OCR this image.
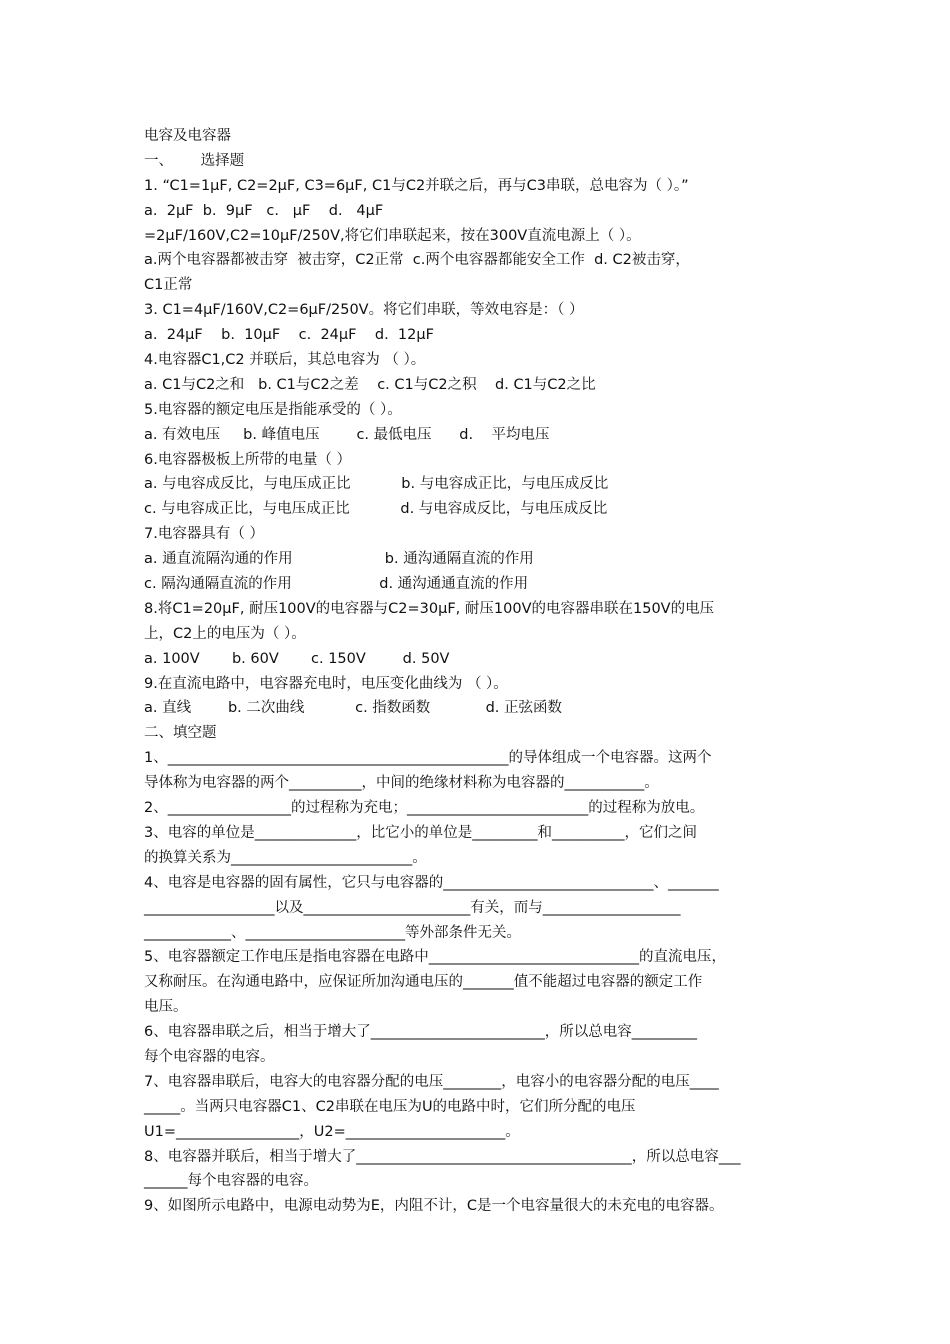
电容及电容器
一、      选择题
1. “C1=1μF, C2=2μF, C3=6μF, C1与C2并联之后，再与C3串联，总电容为（ ）。”
a.  2μF  b.  9μF   c.   μF    d.   4μF
=2μF/160V,C2=10μF/250V,将它们串联起来，按在300V直流电源上（ ）。
a.两个电容器都被击穿  被击穿，C2正常  c.两个电容器都能安全工作  d. C2被击穿，
C1正常
3. C1=4μF/160V,C2=6μF/250V。将它们串联，等效电容是：（ ）
a.  24μF    b.  10μF    c.  24μF    d.  12μF
4.电容器C1,C2 并联后，其总电容为 （ ）。
a. C1与C2之和   b. C1与C2之差    c. C1与C2之积    d. C1与C2之比
5.电容器的额定电压是指能承受的（ ）。
a. 有效电压     b. 峰值电压        c. 最低电压      d.    平均电压
6.电容器极板上所带的电量（ ）
a. 与电容成反比，与电压成正比           b. 与电容成正比，与电压成反比
c. 与电容成正比，与电压成正比           d. 与电容成反比，与电压成反比
7.电容器具有（ ）
a. 通直流隔沟通的作用                    b. 通沟通隔直流的作用
c. 隔沟通隔直流的作用                   d. 通沟通通直流的作用
8.将C1=20μF, 耐压100V的电容器与C2=30μF, 耐压100V的电容器串联在150V的电压
上，C2上的电压为（ ）。
a. 100V       b. 60V       c. 150V        d. 50V
9.在直流电路中，电容器充电时，电压变化曲线为 （ ）。
a. 直线        b. 二次曲线           c. 指数函数            d. 正弦函数
二、填空题
1、_______________________________________________的导体组成一个电容器。这两个
导体称为电容器的两个__________，中间的绝缘材料称为电容器的___________。
2、_________________的过程称为充电；_________________________的过程称为放电。
3、电容的单位是______________，比它小的单位是_________和__________，它们之间
的换算关系为_________________________。
4、电容是电容器的固有属性，它只与电容器的_____________________________、_______
__________________以及_______________________有关，而与___________________
____________、______________________等外部条件无关。
5、电容器额定工作电压是指电容器在电路中_____________________________的直流电压，
又称耐压。在沟通电路中，应保证所加沟通电压的_______值不能超过电容器的额定工作
电压。
6、电容器串联之后，相当于增大了________________________，所以总电容_________
每个电容器的电容。
7、电容器串联后，电容大的电容器分配的电压________，电容小的电容器分配的电压____
_____。当两只电容器C1、C2串联在电压为U的电路中时，它们所分配的电压
U1=_________________，U2=______________________。
8、电容器并联后，相当于增大了______________________________________，所以总电容___
______每个电容器的电容。
9、如图所示电路中，电源电动势为E，内阻不计，C是一个电容量很大的未充电的电容器。
